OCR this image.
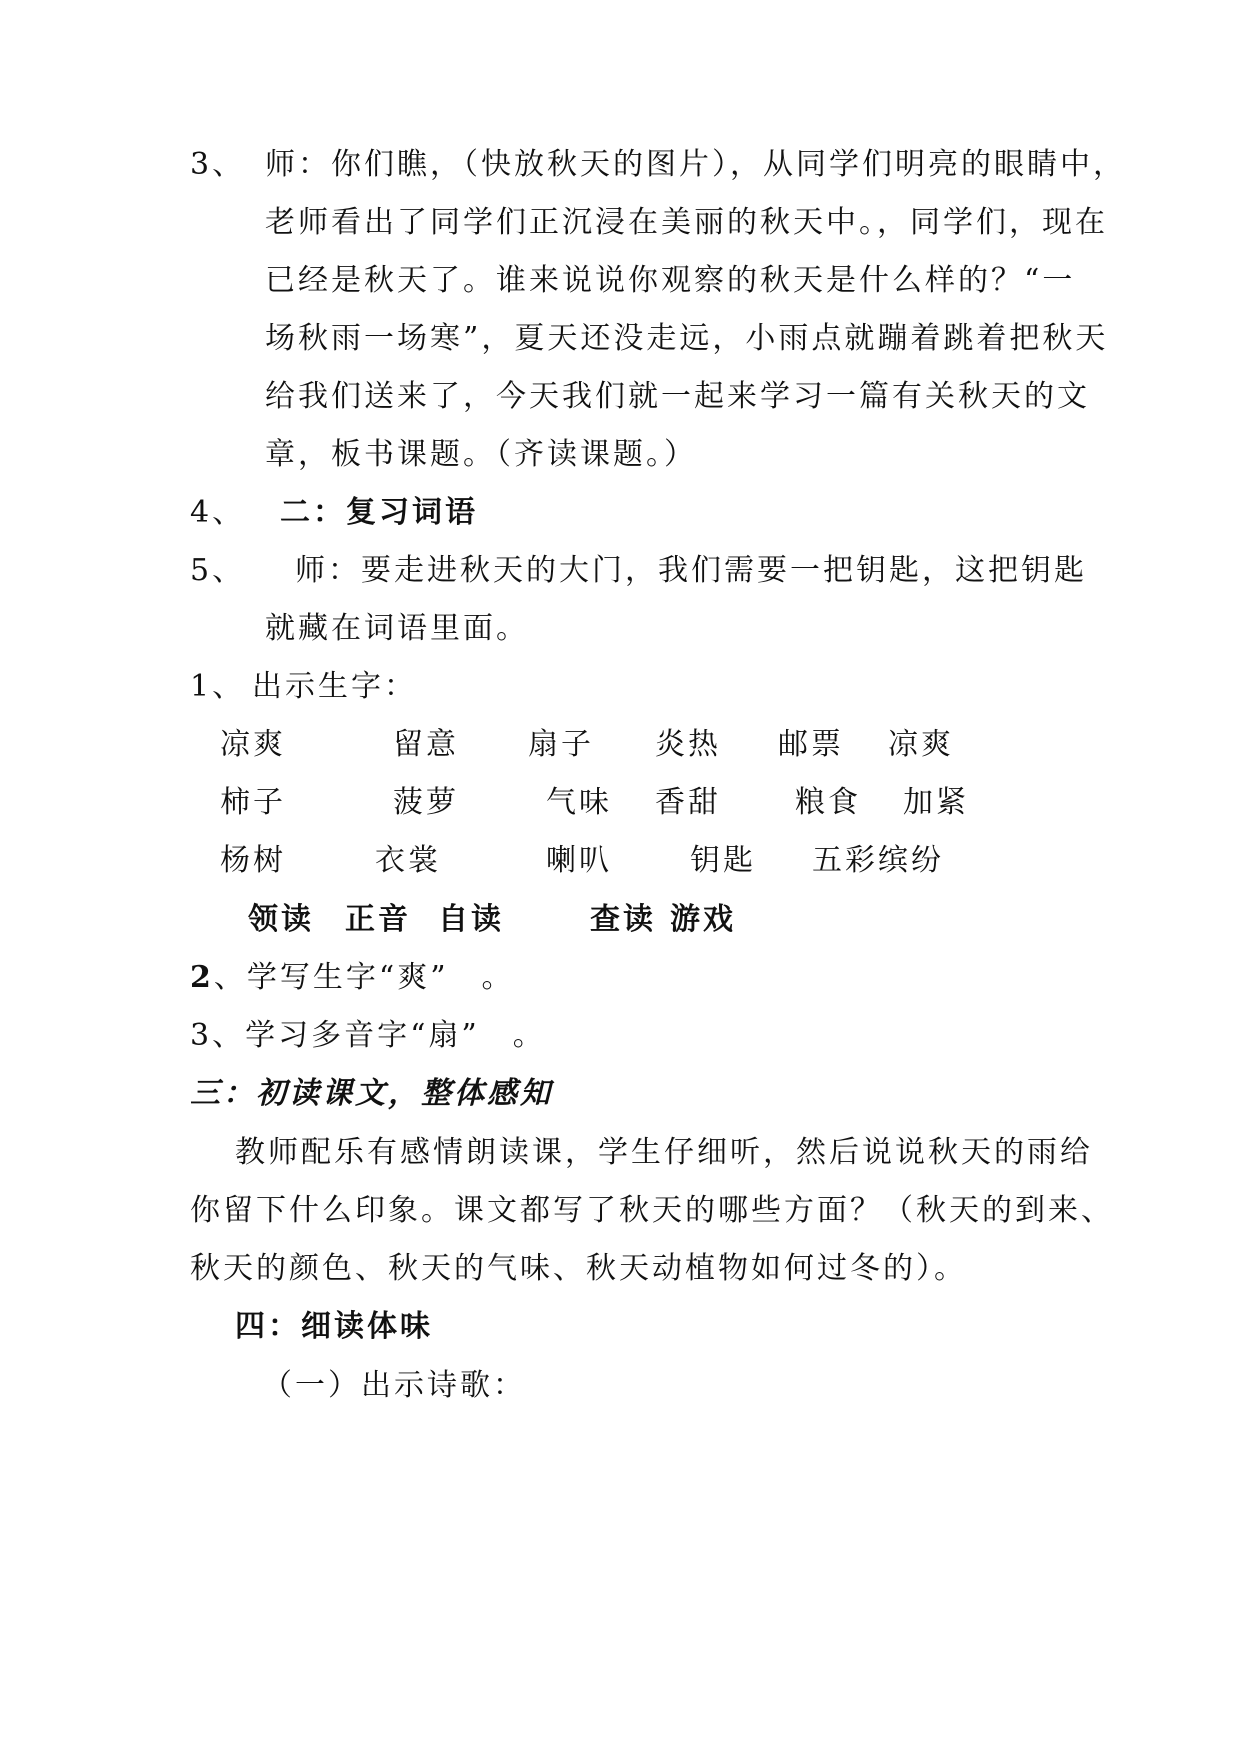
3、 师：你们瞧，（快放秋天的图片），从同学们明亮的眼睛中，
老师看出了同学们正沉浸在美丽的秋天中。，同学们，现在
已经是秋天了。谁来说说你观察的秋天是什么样的？“一
场秋雨一场寒”，夏天还没走远，小雨点就蹦着跳着把秋天
给我们送来了，今天我们就一起来学习一篇有关秋天的文
章，板书课题。（齐读课题。）
4、 二：复习词语
5、 师：要走进秋天的大门，我们需要一把钥匙，这把钥匙
就藏在词语里面。
1、 出示生字：
凉爽	留意 扇子 炎热 邮票 凉爽
柿子	菠萝	气味 香甜 粮食 加紧
杨树	衣裳	喇叭	钥匙 五彩缤纷
领读 正音 自读	查读 游戏
2、学写生字“爽”　。
3、学习多音字“扇”　。
三：初读课文，整体感知
教师配乐有感情朗读课，学生仔细听，然后说说秋天的雨给
你留下什么印象。课文都写了秋天的哪些方面？（秋天的到来、
秋天的颜色、秋天的气味、秋天动植物如何过冬的）。
四：细读体味
（一）出示诗歌：
